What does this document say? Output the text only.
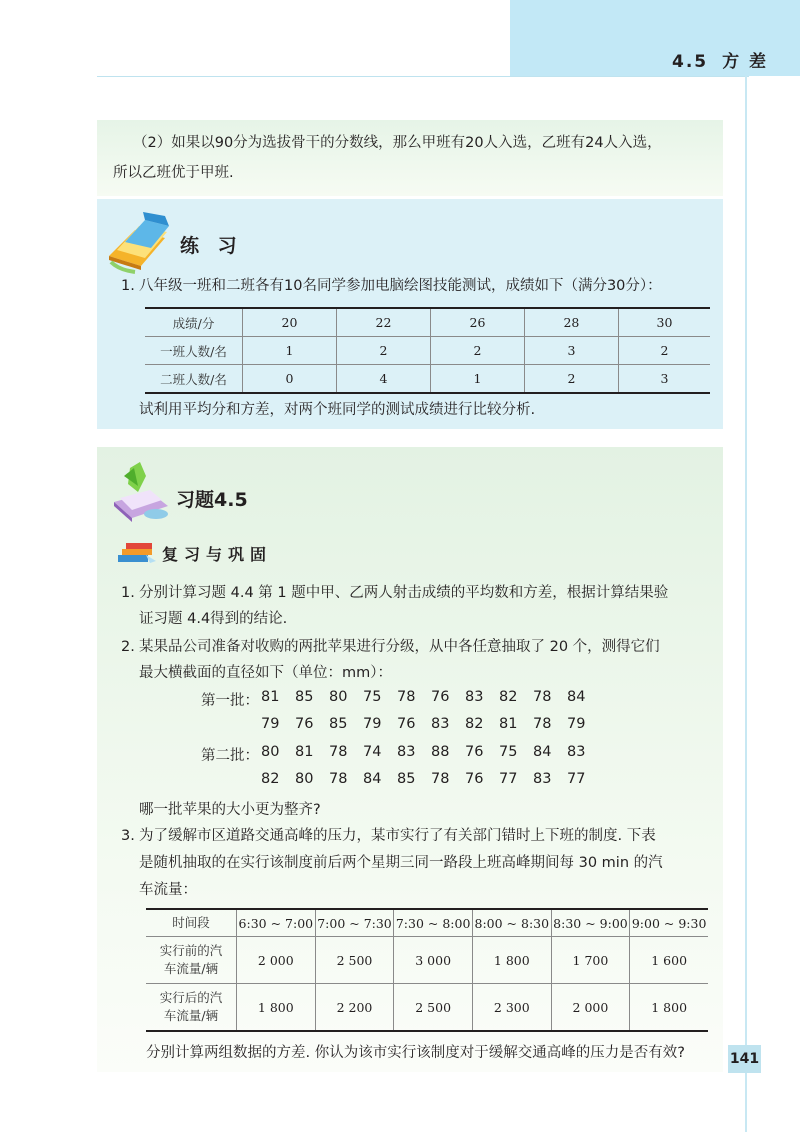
4.5 方 差

（2）如果以90分为选拔骨干的分数线，那么甲班有20人入选，乙班有24人入选，

所以乙班优于甲班.

练 习
1. 八年级一班和二班各有10名同学参加电脑绘图技能测试，成绩如下（满分30分）：
成绩/分	20	22	26	28	30
一班人数/名	1	2	2	3	2
二班人数/名	0	4	1	2	3
试利用平均分和方差，对两个班同学的测试成绩进行比较分析.
习题4.5
复习与巩固
1. 分别计算习题 4.4 第 1 题中甲、乙两人射击成绩的平均数和方差，根据计算结果验
证习题 4.4得到的结论.
2. 某果品公司准备对收购的两批苹果进行分级，从中各任意抽取了 20 个，测得它们
最大横截面的直径如下（单位：mm）：
第一批： 81 85 80 75 78 76 83 82 78 84
79 76 85 79 76 83 82 81 78 79
第二批： 80 81 78 74 83 88 76 75 84 83
82 80 78 84 85 78 76 77 83 77
哪一批苹果的大小更为整齐?
3. 为了缓解市区道路交通高峰的压力，某市实行了有关部门错时上下班的制度. 下表
是随机抽取的在实行该制度前后两个星期三同一路段上班高峰期间每 30 min 的汽
车流量：
时间段	6:30 ~ 7:00	7:00 ~ 7:30	7:30 ~ 8:00	8:00 ~ 8:30	8:30 ~ 9:00	9:00 ~ 9:30
实行前的汽
车流量/辆	2 000	2 500	3 000	1 800	1 700	1 600
实行后的汽
车流量/辆	1 800	2 200	2 500	2 300	2 000	1 800
分别计算两组数据的方差. 你认为该市实行该制度对于缓解交通高峰的压力是否有效?	141
